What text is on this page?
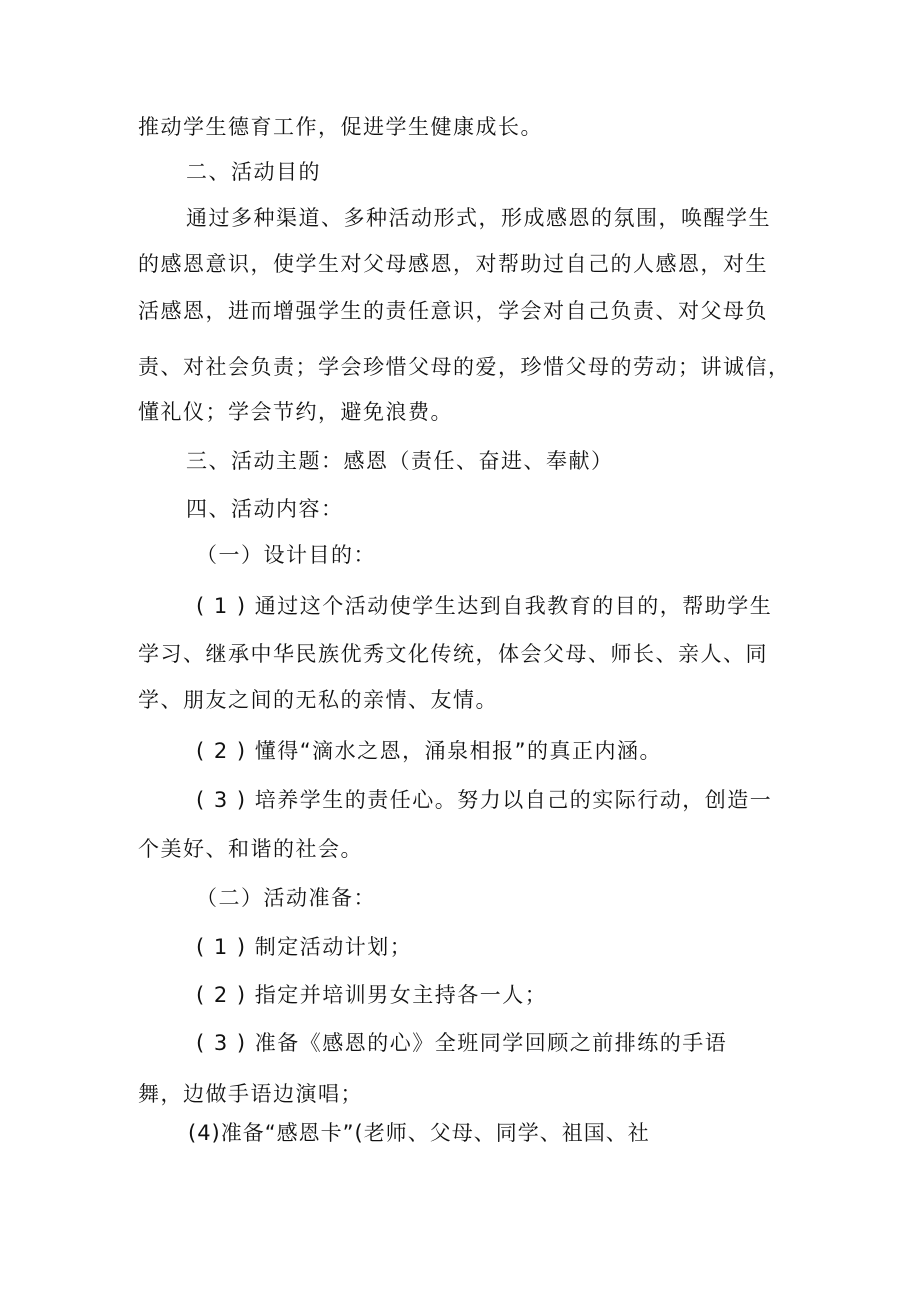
推动学生德育工作，促进学生健康成长。
二、活动目的
通过多种渠道、多种活动形式，形成感恩的氛围，唤醒学生
的感恩意识，使学生对父母感恩，对帮助过自己的人感恩，对生
活感恩，进而增强学生的责任意识，学会对自己负责、对父母负
责、对社会负责；学会珍惜父母的爱，珍惜父母的劳动；讲诚信，
懂礼仪；学会节约，避免浪费。
三、活动主题：感恩（责任、奋进、奉献）
四、活动内容：
（一）设计目的：
( 1 ) 通过这个活动使学生达到自我教育的目的，帮助学生
学习、继承中华民族优秀文化传统，体会父母、师长、亲人、同
学、朋友之间的无私的亲情、友情。
( 2 ) 懂得“滴水之恩，涌泉相报”的真正内涵。
( 3 ) 培养学生的责任心。努力以自己的实际行动，创造一
个美好、和谐的社会。
（二）活动准备：
( 1 ) 制定活动计划；
( 2 ) 指定并培训男女主持各一人；
( 3 ) 准备《感恩的心》全班同学回顾之前排练的手语
舞，边做手语边演唱；
(4)准备“感恩卡”(老师、父母、同学、祖国、社
